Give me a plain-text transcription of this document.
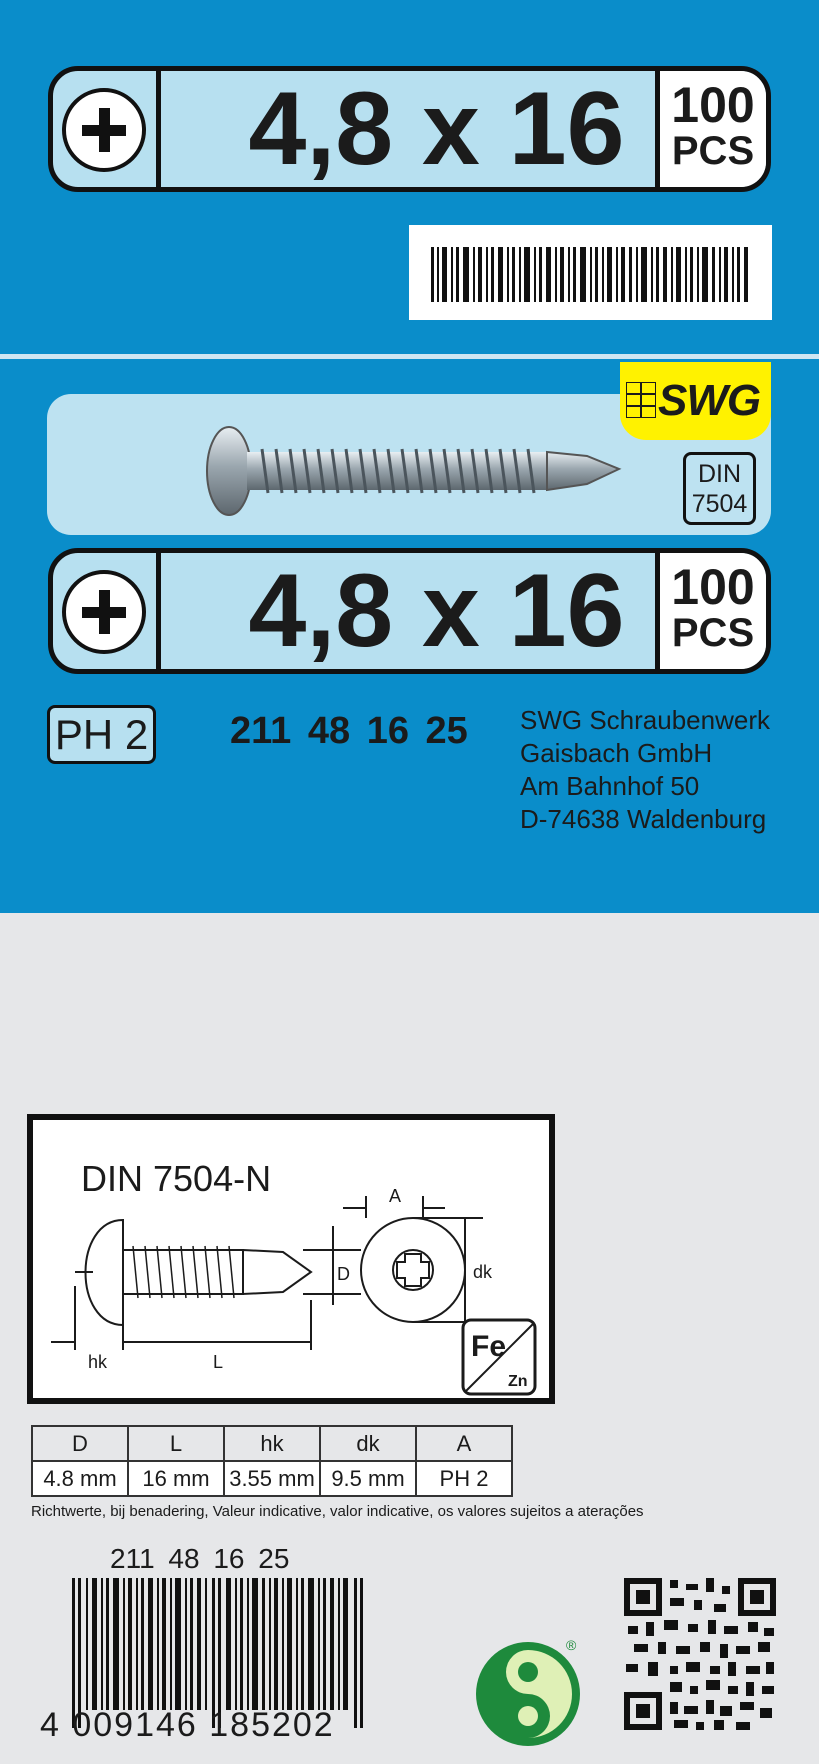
4,8 x 16 100
PCS
SWG
DIN
7504
4,8 x 16 100
PCS
PH 2 211 48 16 25 SWG Schraubenwerk
Gaisbach GmbH
Am Bahnhof 50
D-74638 Waldenburg
DIN 7504-N
D
L
hk
dk
A
Fe
Zn
D	L	hk	dk	A
4.8 mm	16 mm	3.55 mm	9.5 mm	PH 2
Richtwerte, bij benadering, Valeur indicative, valor indicative, os valores sujeitos a aterações
211 48 16 25
4 009146 185202
®
